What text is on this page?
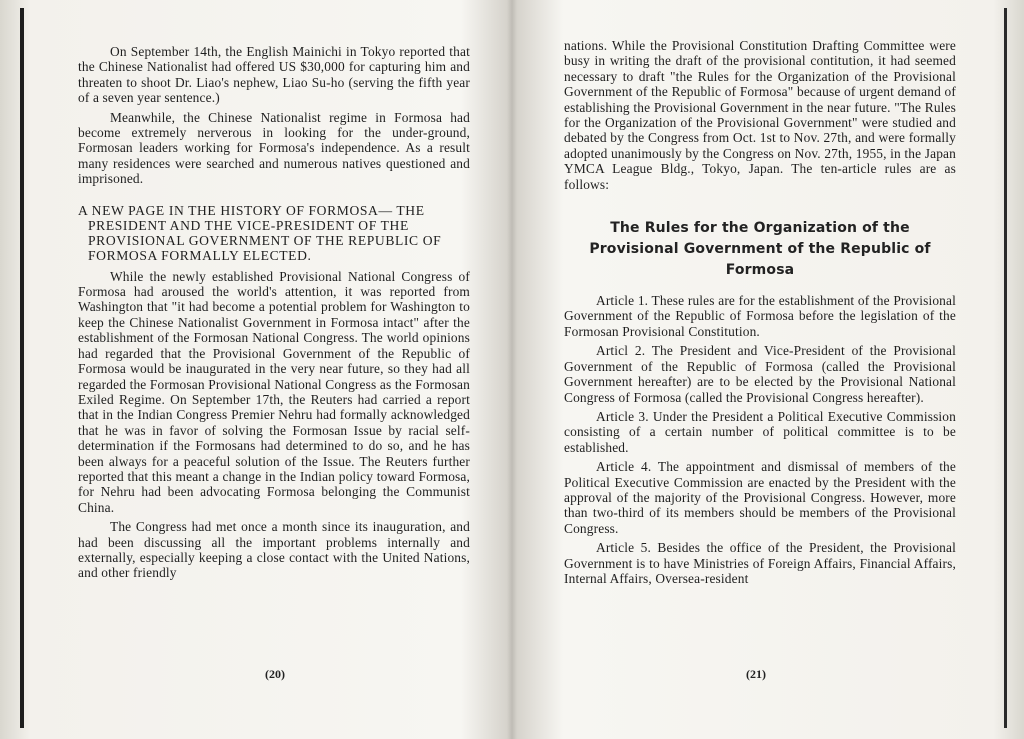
On September 14th, the English Mainichi in Tokyo reported that the Chinese Nationalist had offered US $30,000 for capturing him and threaten to shoot Dr. Liao's nephew, Liao Su-ho (serving the fifth year of a seven year sentence.)

Meanwhile, the Chinese Nationalist regime in Formosa had become extremely nerverous in looking for the under-ground, Formosan leaders working for Formosa's independence. As a result many residences were searched and numerous natives questioned and imprisoned.

A NEW PAGE IN THE HISTORY OF FORMOSA— THE PRESIDENT AND THE VICE-PRESIDENT OF THE PROVISIONAL GOVERNMENT OF THE REPUBLIC OF FORMOSA FORMALLY ELECTED.

While the newly established Provisional National Congress of Formosa had aroused the world's attention, it was reported from Washington that "it had become a potential problem for Washington to keep the Chinese Nationalist Government in Formosa intact" after the establishment of the Formosan National Congress. The world opinions had regarded that the Provisional Government of the Republic of Formosa would be inaugurated in the very near future, so they had all regarded the Formosan Provisional National Congress as the Formosan Exiled Regime. On September 17th, the Reuters had carried a report that in the Indian Congress Premier Nehru had formally acknowledged that he was in favor of solving the Formosan Issue by racial self-determination if the Formosans had determined to do so, and he has been always for a peaceful solution of the Issue. The Reuters further reported that this meant a change in the Indian policy toward Formosa, for Nehru had been advocating Formosa belonging the Communist China.

The Congress had met once a month since its inauguration, and had been discussing all the important problems internally and externally, especially keeping a close contact with the United Nations, and other friendly

(20)

nations. While the Provisional Constitution Drafting Committee were busy in writing the draft of the provisional contitution, it had seemed necessary to draft "the Rules for the Organization of the Provisional Government of the Republic of Formosa" because of urgent demand of establishing the Provisional Government in the near future. "The Rules for the Organization of the Provisional Government" were studied and debated by the Congress from Oct. 1st to Nov. 27th, and were formally adopted unanimously by the Congress on Nov. 27th, 1955, in the Japan YMCA League Bldg., Tokyo, Japan. The ten-article rules are as follows:

The Rules for the Organization of the Provisional Government of the Republic of Formosa

Article 1. These rules are for the establishment of the Provisional Government of the Republic of Formosa before the legislation of the Formosan Provisional Constitution.

Articl 2. The President and Vice-President of the Provisional Government of the Republic of Formosa (called the Provisional Government hereafter) are to be elected by the Provisional National Congress of Formosa (called the Provisional Congress hereafter).

Article 3. Under the President a Political Executive Commission consisting of a certain number of political committee is to be established.

Article 4. The appointment and dismissal of members of the Political Executive Commission are enacted by the President with the approval of the majority of the Provisional Congress. However, more than two-third of its members should be members of the Provisional Congress.

Article 5. Besides the office of the President, the Provisional Government is to have Ministries of Foreign Affairs, Financial Affairs, Internal Affairs, Oversea-resident

(21)
